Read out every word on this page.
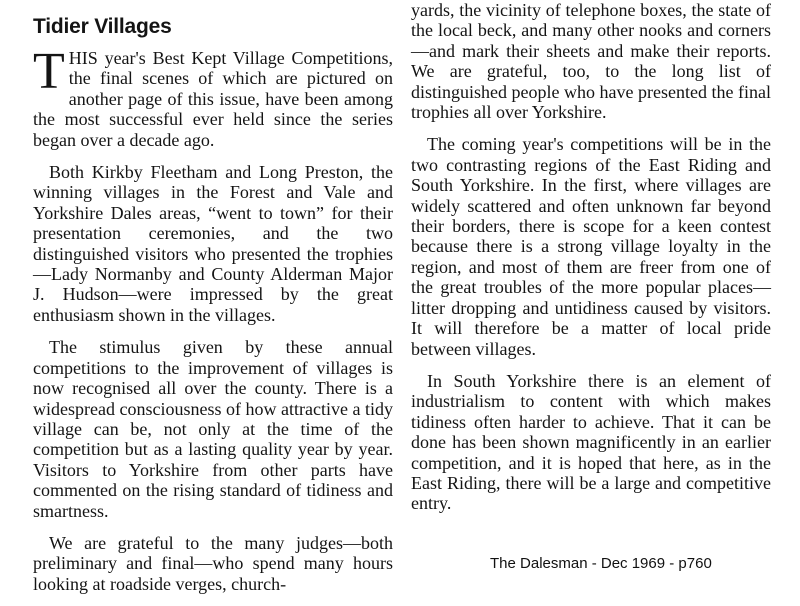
Tidier Villages

THIS year's Best Kept Village Competitions, the final scenes of which are pictured on another page of this issue, have been among the most successful ever held since the series began over a decade ago.

Both Kirkby Fleetham and Long Preston, the winning villages in the Forest and Vale and Yorkshire Dales areas, “went to town” for their presentation ceremonies, and the two distinguished visitors who presented the trophies—Lady Normanby and County Alderman Major J. Hudson—were impressed by the great enthusiasm shown in the villages.

The stimulus given by these annual competitions to the improvement of villages is now recognised all over the county. There is a widespread consciousness of how attractive a tidy village can be, not only at the time of the competition but as a lasting quality year by year. Visitors to Yorkshire from other parts have commented on the rising standard of tidiness and smartness.

We are grateful to the many judges—both preliminary and final—who spend many hours looking at roadside verges, church-

yards, the vicinity of telephone boxes, the state of the local beck, and many other nooks and corners—and mark their sheets and make their reports. We are grateful, too, to the long list of distinguished people who have presented the final trophies all over Yorkshire.

The coming year's competitions will be in the two contrasting regions of the East Riding and South Yorkshire. In the first, where villages are widely scattered and often unknown far beyond their borders, there is scope for a keen contest because there is a strong village loyalty in the region, and most of them are freer from one of the great troubles of the more popular places—litter dropping and untidiness caused by visitors. It will therefore be a matter of local pride between villages.

In South Yorkshire there is an element of industrialism to content with which makes tidiness often harder to achieve. That it can be done has been shown magnificently in an earlier competition, and it is hoped that here, as in the East Riding, there will be a large and competitive entry.

The Dalesman - Dec 1969 - p760
